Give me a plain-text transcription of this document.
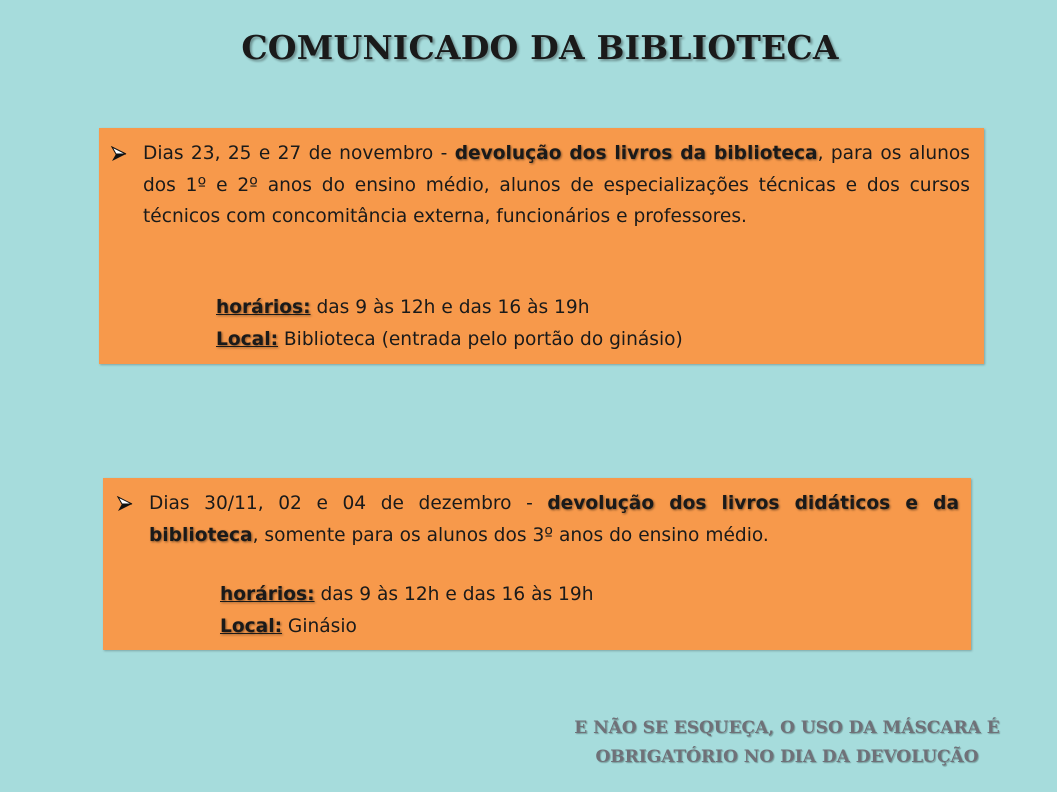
COMUNICADO DA BIBLIOTECA
Dias 23, 25 e 27 de novembro - devolução dos livros da biblioteca, para os alunos dos 1º e 2º anos do ensino médio, alunos de especializações técnicas e dos cursos técnicos com concomitância externa, funcionários e professores.
horários: das 9 às 12h e das 16 às 19h
Local: Biblioteca (entrada pelo portão do ginásio)
Dias 30/11, 02 e 04 de dezembro - devolução dos livros didáticos e da biblioteca, somente para os alunos dos 3º anos do ensino médio.
horários: das 9 às 12h e das 16 às 19h
Local: Ginásio
E NÃO SE ESQUEÇA, O USO DA MÁSCARA É
OBRIGATÓRIO NO DIA DA DEVOLUÇÃO
